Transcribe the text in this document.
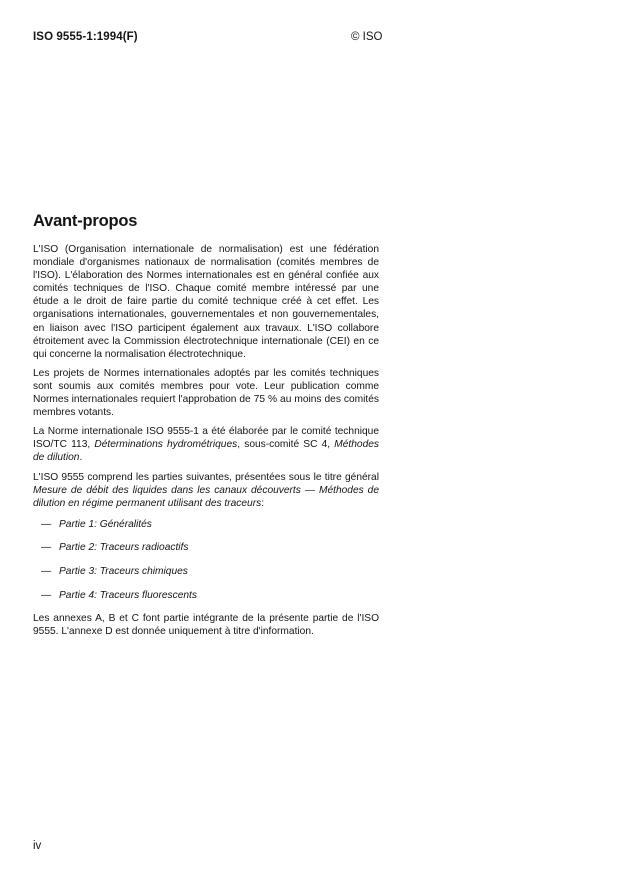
ISO 9555-1:1994(F)	© ISO
Avant-propos

L'ISO (Organisation internationale de normalisation) est une fédération mondiale d'organismes nationaux de normalisation (comités membres de l'ISO). L'élaboration des Normes internationales est en général confiée aux comités techniques de l'ISO. Chaque comité membre intéressé par une étude a le droit de faire partie du comité technique créé à cet effet. Les organisations internationales, gouvernementales et non gouvernementales, en liaison avec l'ISO participent également aux travaux. L'ISO collabore étroitement avec la Commission électrotechnique internationale (CEI) en ce qui concerne la normalisation électrotechnique.

Les projets de Normes internationales adoptés par les comités techniques sont soumis aux comités membres pour vote. Leur publication comme Normes internationales requiert l'approbation de 75 % au moins des comités membres votants.

La Norme internationale ISO 9555-1 a été élaborée par le comité technique ISO/TC 113, Déterminations hydrométriques, sous-comité SC 4, Méthodes de dilution.

L'ISO 9555 comprend les parties suivantes, présentées sous le titre général Mesure de débit des liquides dans les canaux découverts — Méthodes de dilution en régime permanent utilisant des traceurs:

— Partie 1: Généralités
— Partie 2: Traceurs radioactifs
— Partie 3: Traceurs chimiques
— Partie 4: Traceurs fluorescents

Les annexes A, B et C font partie intégrante de la présente partie de l'ISO 9555. L'annexe D est donnée uniquement à titre d'information.

iv
